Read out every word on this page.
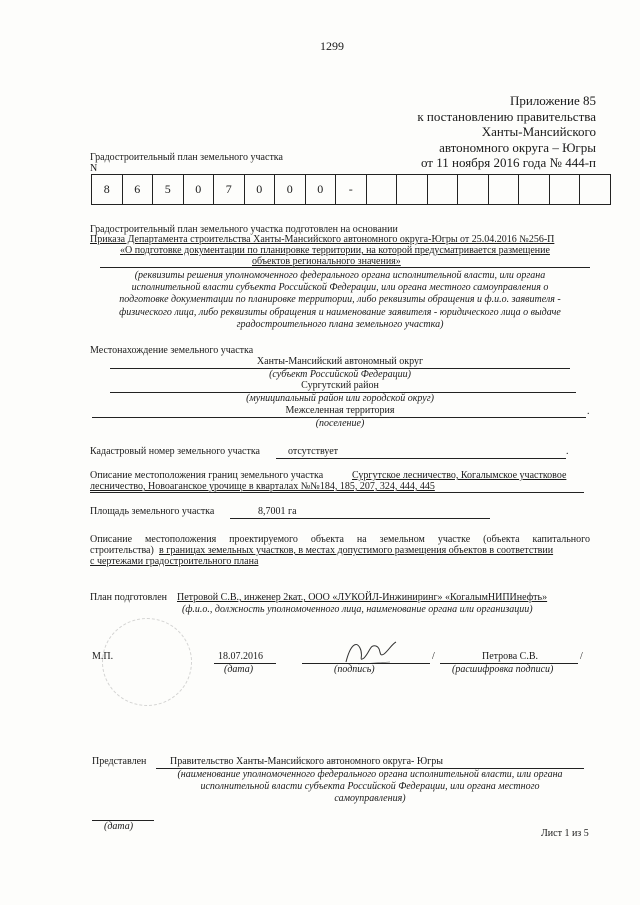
1299
Приложение 85
к постановлению правительства
Ханты-Мансийского
автономного округа – Югры
от 11 ноября 2016 года № 444-п
Градостроительный план земельного участка
N
8	6	5	0	7	0	0	0	-								
Градостроительный план земельного участка подготовлен на основании
Приказа Департамента строительства Ханты-Мансийского автономного округа-Югры от 25.04.2016 №256-П
«О подготовке документации по планировке территории, на которой предусматривается размещение
объектов регионального значения»
(реквизиты решения уполномоченного федерального органа исполнительной власти, или органа
исполнительной власти субъекта Российской Федерации, или органа местного самоуправления о
подготовке документации по планировке территории, либо реквизиты обращения и ф.и.о. заявителя -
физического лица, либо реквизиты обращения и наименование заявителя - юридического лица о выдаче
градостроительного плана земельного участка)
Местонахождение земельного участка
Ханты-Мансийский автономный округ
(субъект Российской Федерации)
Сургутский район
(муниципальный район или городской округ)
Межселенная территория	.
(поселение)
Кадастровый номер земельного участка	отсутствует	.
Описание местоположения границ земельного участка	Сургутское лесничество, Когалымское участковое
лесничество, Новоаганское урочище в кварталах №№184, 185, 207, 324, 444, 445
Площадь земельного участка	8,7001 га
Описание местоположения проектируемого объекта на земельном участке (объекта капитального
строительства) в границах земельных участков, в местах допустимого размещения объектов в соответствии
с чертежами градостроительного плана
План подготовлен Петровой С.В., инженер 2кат., ООО «ЛУКОЙЛ-Инжиниринг» «КогалымНИПИнефть»
(ф.и.о., должность уполномоченного лица, наименование органа или организации)
М.П.	18.07.2016
(дата)	(подпись)
/	Петрова С.В.	/
(расшифровка подписи)
Представлен Правительство Ханты-Мансийского автономного округа- Югры
(наименование уполномоченного федерального органа исполнительной власти, или органа
исполнительной власти субъекта Российской Федерации, или органа местного
самоуправления)
(дата)
Лист 1 из 5
